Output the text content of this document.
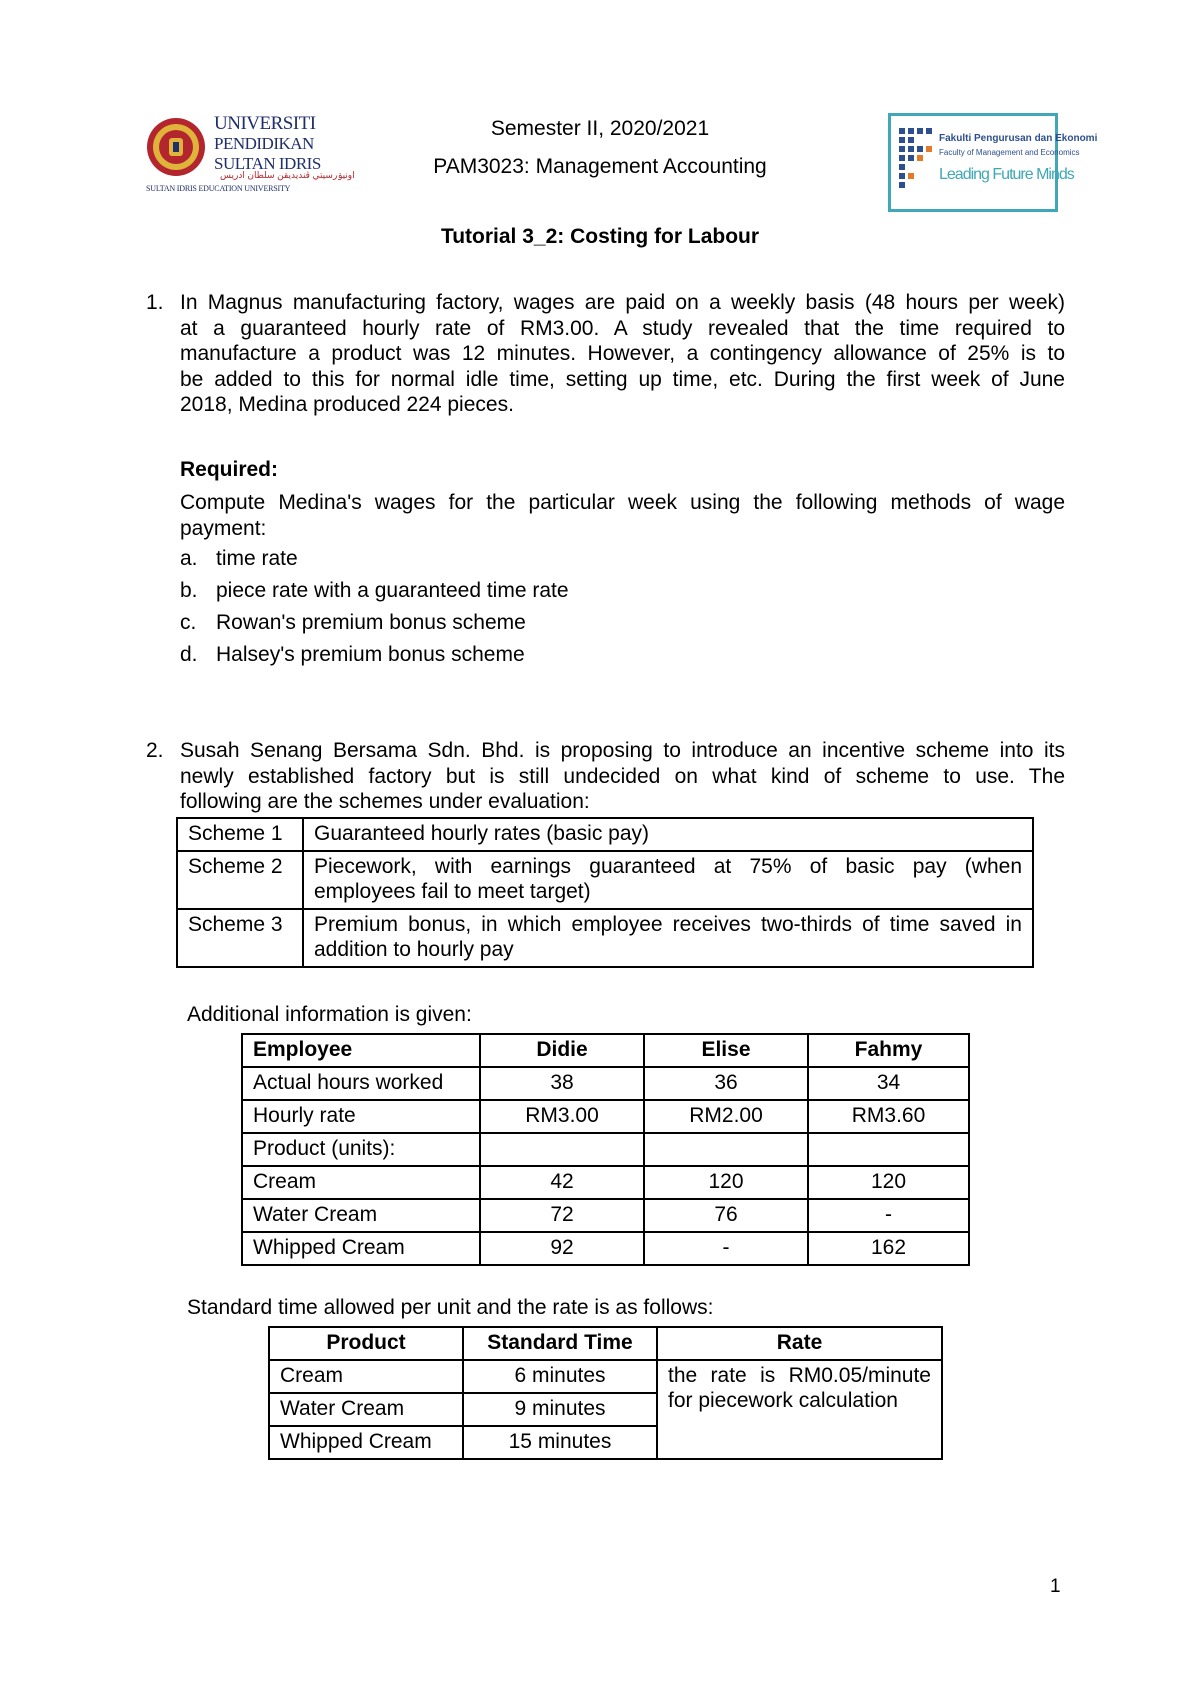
UNIVERSITI
PENDIDIKAN
SULTAN IDRIS
اونيۏرسيتي ڤنديديقن سلطان ادريس
SULTAN IDRIS EDUCATION UNIVERSITY
Semester II, 2020/2021
PAM3023: Management Accounting
Fakulti Pengurusan dan Ekonomi
Faculty of Management and Economics
Leading Future Minds
Tutorial 3_2: Costing for Labour
1. In Magnus manufacturing factory, wages are paid on a weekly basis (48 hours per week)
at a guaranteed hourly rate of RM3.00. A study revealed that the time required to
manufacture a product was 12 minutes. However, a contingency allowance of 25% is to
be added to this for normal idle time, setting up time, etc. During the first week of June
2018, Medina produced 224 pieces.
Required:
Compute Medina's wages for the particular week using the following methods of wage
payment:
a. time rate
b. piece rate with a guaranteed time rate
c. Rowan's premium bonus scheme
d. Halsey's premium bonus scheme
2. Susah Senang Bersama Sdn. Bhd. is proposing to introduce an incentive scheme into its
newly established factory but is still undecided on what kind of scheme to use. The
following are the schemes under evaluation:
Scheme 1	Guaranteed hourly rates (basic pay)

Scheme 2	Piecework, with earnings guaranteed at 75% of basic pay (when
employees fail to meet target)

Scheme 3	Premium bonus, in which employee receives two-thirds of time saved in
addition to hourly pay
Additional information is given:
Employee	Didie	Elise	Fahmy
Actual hours worked	38	36	34
Hourly rate	RM3.00	RM2.00	RM3.60
Product (units):			
Cream	42	120	120
Water Cream	72	76	-
Whipped Cream	92	-	162
Standard time allowed per unit and the rate is as follows:
Product	Standard Time	Rate
Cream	6 minutes	the rate is RM0.05/minute
for piecework calculation

Water Cream	9 minutes	
Whipped Cream	15 minutes	
1
